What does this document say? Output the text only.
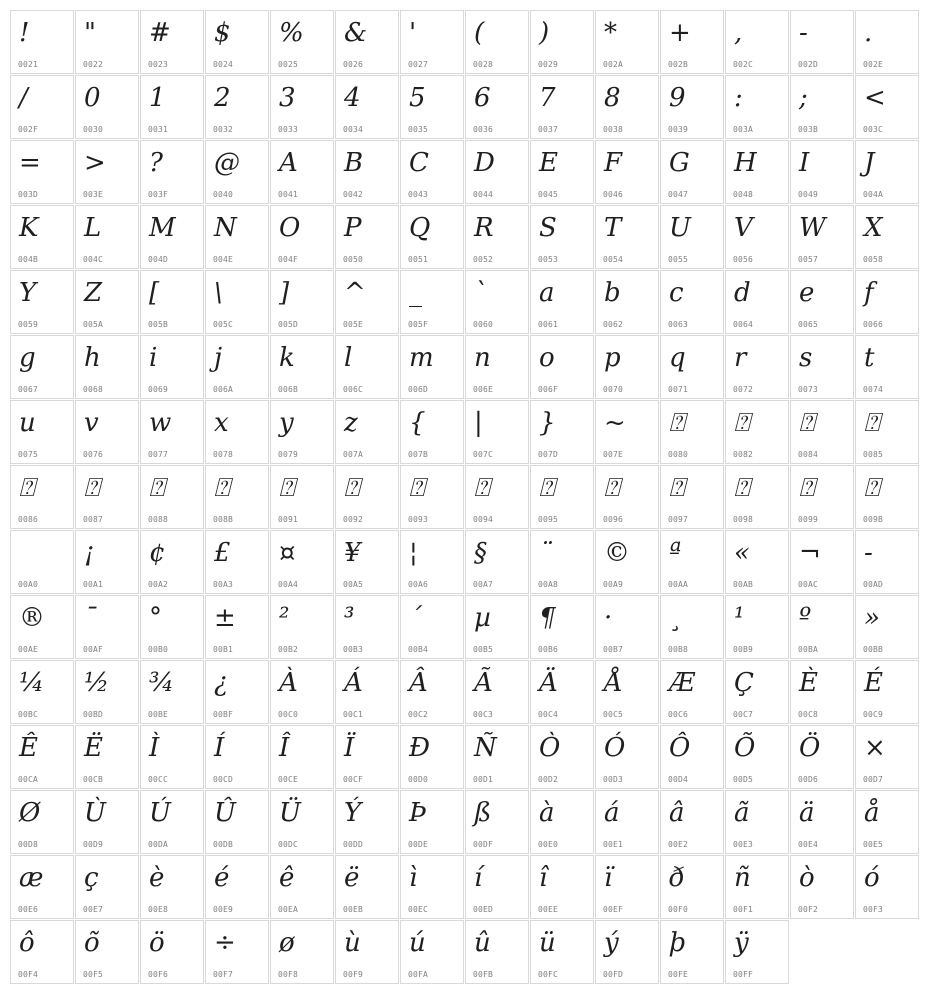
!
0021
"
0022
#
0023
$
0024
%
0025
&
0026
'
0027
(
0028
)
0029
*
002A
+
002B
,
002C
-
002D
.
002E
/
002F
0
0030
1
0031
2
0032
3
0033
4
0034
5
0035
6
0036
7
0037
8
0038
9
0039
:
003A
;
003B
<
003C
=
003D
>
003E
?
003F
@
0040
A
0041
B
0042
C
0043
D
0044
E
0045
F
0046
G
0047
H
0048
I
0049
J
004A
K
004B
L
004C
M
004D
N
004E
O
004F
P
0050
Q
0051
R
0052
S
0053
T
0054
U
0055
V
0056
W
0057
X
0058
Y
0059
Z
005A
[
005B
\
005C
]
005D
^
005E
_
005F
`
0060
a
0061
b
0062
c
0063
d
0064
e
0065
f
0066
g
0067
h
0068
i
0069
j
006A
k
006B
l
006C
m
006D
n
006E
o
006F
p
0070
q
0071
r
0072
s
0073
t
0074
u
0075
v
0076
w
0077
x
0078
y
0079
z
007A
{
007B
|
007C
}
007D
~
007E
⍰
0080
⍰
0082
⍰
0084
⍰
0085
⍰
0086
⍰
0087
⍰
0088
⍰
008B
⍰
0091
⍰
0092
⍰
0093
⍰
0094
⍰
0095
⍰
0096
⍰
0097
⍰
0098
⍰
0099
⍰
009B
00A0
¡
00A1
¢
00A2
£
00A3
¤
00A4
¥
00A5
¦
00A6
§
00A7
¨
00A8
©
00A9
ª
00AA
«
00AB
¬
00AC
-
00AD
®
00AE
¯
00AF
°
00B0
±
00B1
²
00B2
³
00B3
´
00B4
µ
00B5
¶
00B6
·
00B7
¸
00B8
¹
00B9
º
00BA
»
00BB
¼
00BC
½
00BD
¾
00BE
¿
00BF
À
00C0
Á
00C1
Â
00C2
Ã
00C3
Ä
00C4
Å
00C5
Æ
00C6
Ç
00C7
È
00C8
É
00C9
Ê
00CA
Ë
00CB
Ì
00CC
Í
00CD
Î
00CE
Ï
00CF
Ð
00D0
Ñ
00D1
Ò
00D2
Ó
00D3
Ô
00D4
Õ
00D5
Ö
00D6
×
00D7
Ø
00D8
Ù
00D9
Ú
00DA
Û
00DB
Ü
00DC
Ý
00DD
Þ
00DE
ß
00DF
à
00E0
á
00E1
â
00E2
ã
00E3
ä
00E4
å
00E5
æ
00E6
ç
00E7
è
00E8
é
00E9
ê
00EA
ë
00EB
ì
00EC
í
00ED
î
00EE
ï
00EF
ð
00F0
ñ
00F1
ò
00F2
ó
00F3
ô
00F4
õ
00F5
ö
00F6
÷
00F7
ø
00F8
ù
00F9
ú
00FA
û
00FB
ü
00FC
ý
00FD
þ
00FE
ÿ
00FF
